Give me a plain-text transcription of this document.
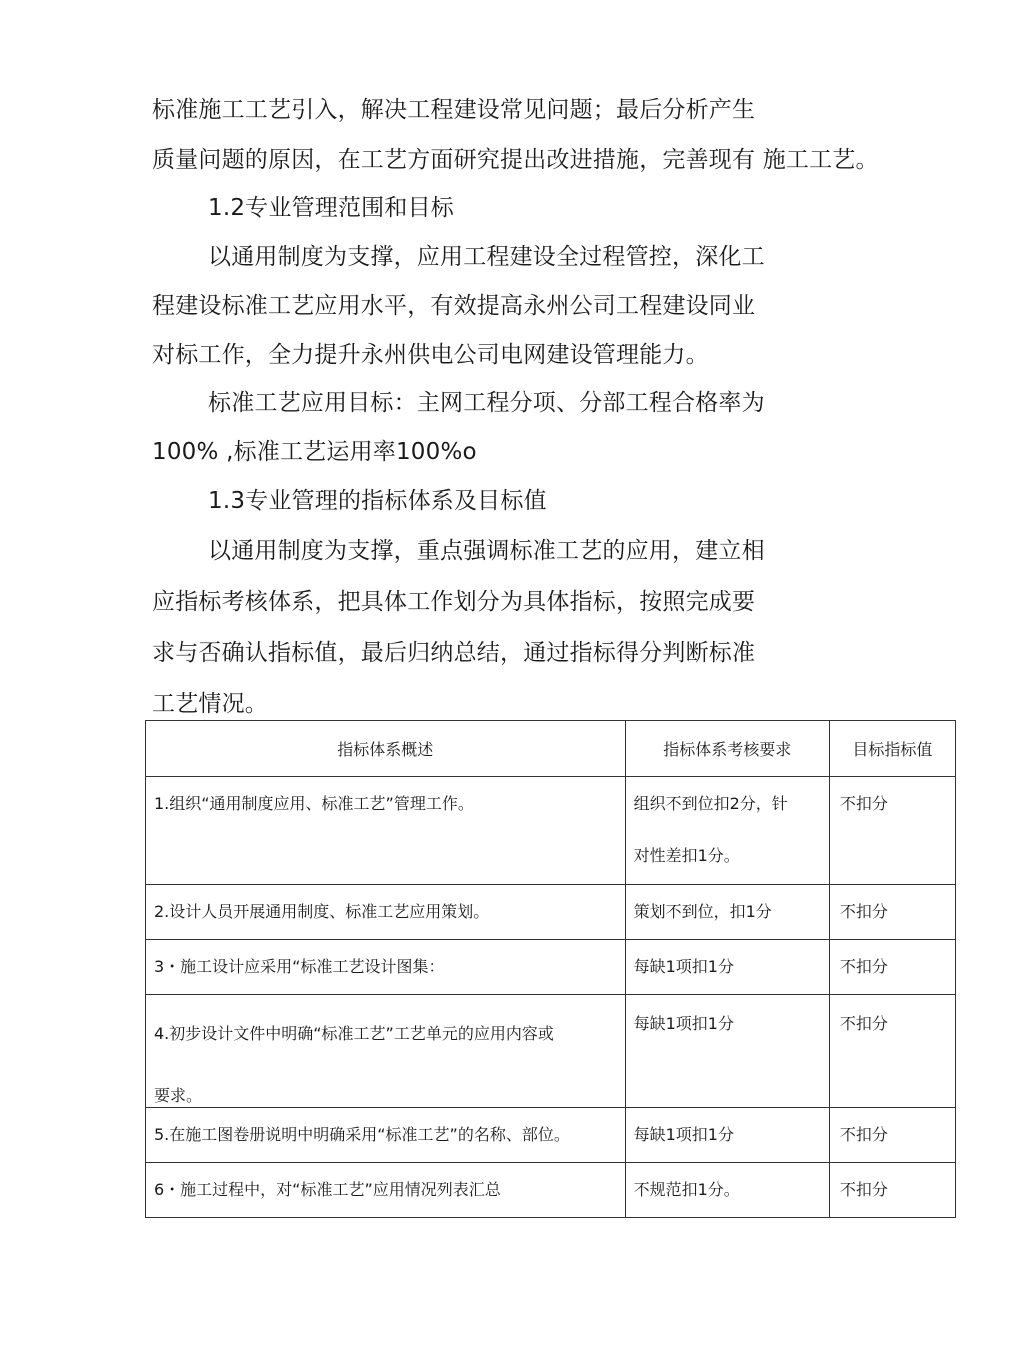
标准施工工艺引入，解决工程建设常见问题；最后分析产生
质量问题的原因，在工艺方面研究提出改进措施，完善现有 施工工艺。
1.2专业管理范围和目标
以通用制度为支撑，应用工程建设全过程管控，深化工
程建设标准工艺应用水平，有效提高永州公司工程建设同业
对标工作，全力提升永州供电公司电网建设管理能力。
标准工艺应用目标：主网工程分项、分部工程合格率为
100% ,标准工艺运用率100%o
1.3专业管理的指标体系及目标值
以通用制度为支撑，重点强调标准工艺的应用，建立相
应指标考核体系，把具体工作划分为具体指标，按照完成要
求与否确认指标值，最后归纳总结，通过指标得分判断标准
工艺情况。
指标体系概述	指标体系考核要求	目标指标值

1.组织“通用制度应用、标准工艺”管理工作。	组织不到位扣2分，针
对性差扣1分。	不扣分

2.设计人员开展通用制度、标准工艺应用策划。	策划不到位，扣1分	不扣分

3・施工设计应采用“标准工艺设计图集：	每缺1项扣1分	不扣分

4.初步设计文件中明确“标准工艺”工艺单元的应用内容或
要求。	每缺1项扣1分	不扣分

5.在施工图卷册说明中明确采用“标准工艺”的名称、部位。	每缺1项扣1分	不扣分

6・施工过程中，对“标准工艺”应用情况列表汇总	不规范扣1分。	不扣分
